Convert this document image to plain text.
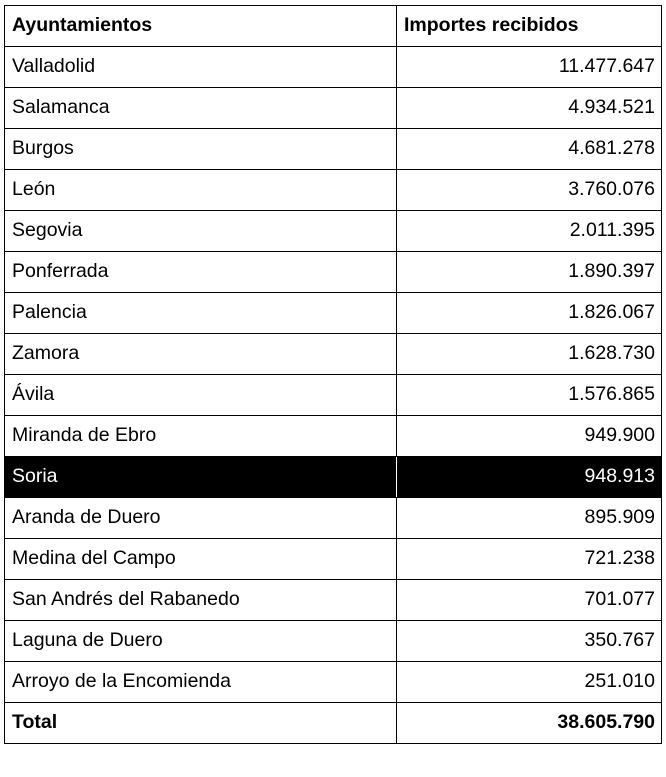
Ayuntamientos	Importes recibidos
Valladolid	11.477.647
Salamanca	4.934.521
Burgos	4.681.278
León	3.760.076
Segovia	2.011.395
Ponferrada	1.890.397
Palencia	1.826.067
Zamora	1.628.730
Ávila	1.576.865
Miranda de Ebro	949.900
Soria	948.913
Aranda de Duero	895.909
Medina del Campo	721.238
San Andrés del Rabanedo	701.077
Laguna de Duero	350.767
Arroyo de la Encomienda	251.010
Total	38.605.790
